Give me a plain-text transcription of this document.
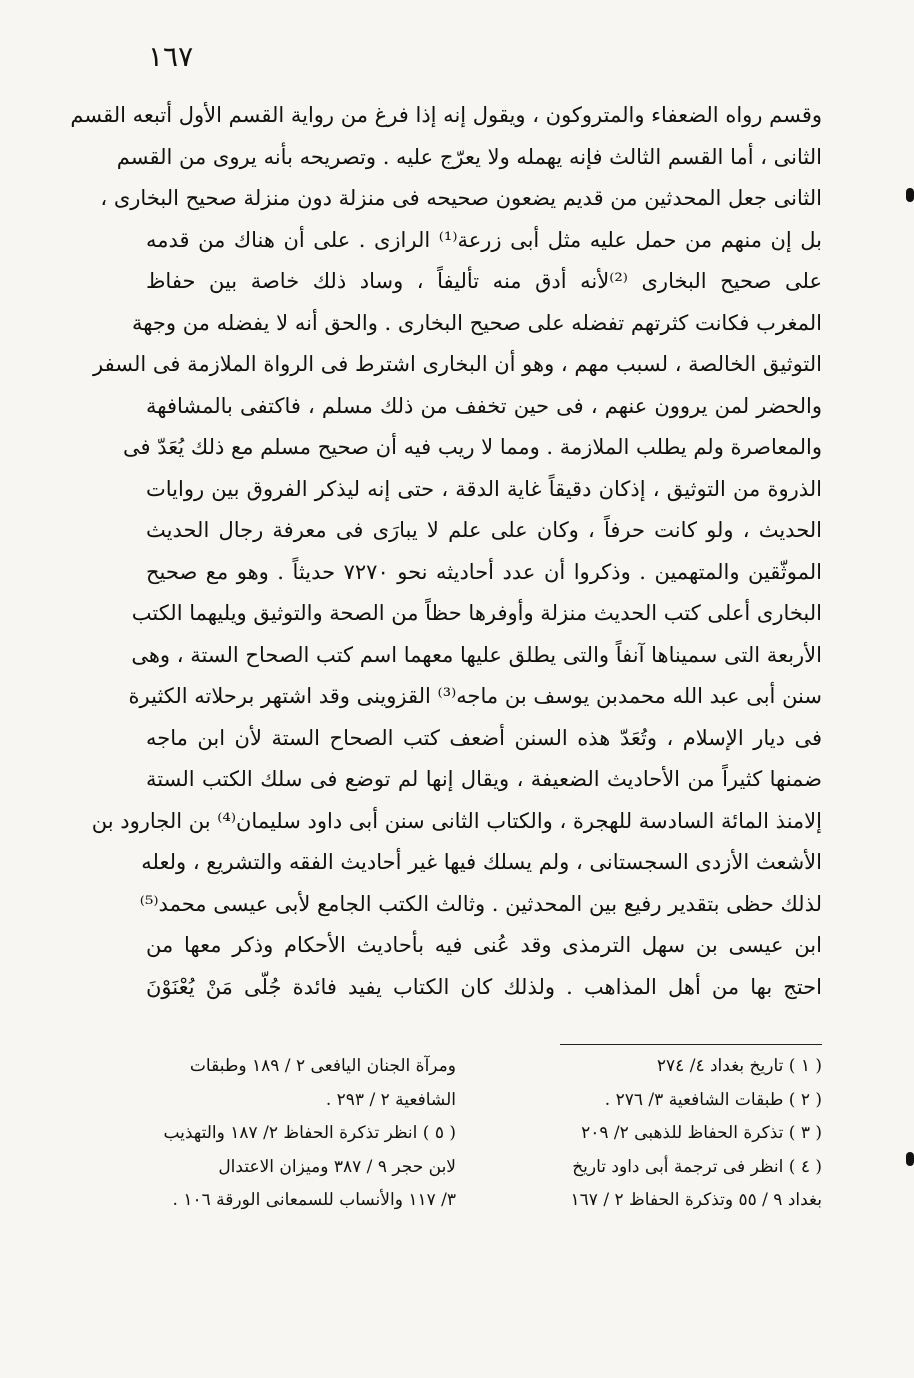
١٦٧
وقسم رواه الضعفاء والمتروكون ، ويقول إنه إذا فرغ من رواية القسم الأول أتبعه القسم
الثانى ، أما القسم الثالث فإنه يهمله ولا يعرّج عليه . وتصريحه بأنه يروى من القسم
الثانى جعل المحدثين من قديم يضعون صحيحه فى منزلة دون منزلة صحيح البخارى ،
بل إن منهم من حمل عليه مثل أبى زرعة⁽¹⁾ الرازى . على أن هناك من قدمه
على صحيح البخارى ⁽²⁾لأنه أدق منه تأليفاً ، وساد ذلك خاصة بين حفاظ
المغرب فكانت كثرتهم تفضله على صحيح البخارى . والحق أنه لا يفضله من وجهة
التوثيق الخالصة ، لسبب مهم ، وهو أن البخارى اشترط فى الرواة الملازمة فى السفر
والحضر لمن يروون عنهم ، فى حين تخفف من ذلك مسلم ، فاكتفى بالمشافهة
والمعاصرة ولم يطلب الملازمة . ومما لا ريب فيه أن صحيح مسلم مع ذلك يُعَدّ فى
الذروة من التوثيق ، إذكان دقيقاً غاية الدقة ، حتى إنه ليذكر الفروق بين روايات
الحديث ، ولو كانت حرفاً ، وكان على علم لا يبارَى فى معرفة رجال الحديث
الموثّقين والمتهمين . وذكروا أن عدد أحاديثه نحو ٧٢٧٠ حديثاً . وهو مع صحيح
البخارى أعلى كتب الحديث منزلة وأوفرها حظاً من الصحة والتوثيق ويليهما الكتب
الأربعة التى سميناها آنفاً والتى يطلق عليها معهما اسم كتب الصحاح الستة ، وهى
سنن أبى عبد الله محمدبن يوسف بن ماجه⁽³⁾ القزوينى وقد اشتهر برحلاته الكثيرة
فى ديار الإسلام ، وتُعَدّ هذه السنن أضعف كتب الصحاح الستة لأن ابن ماجه
ضمنها كثيراً من الأحاديث الضعيفة ، ويقال إنها لم توضع فى سلك الكتب الستة
إلامنذ المائة السادسة للهجرة ، والكتاب الثانى سنن أبى داود سليمان⁽⁴⁾ بن الجارود بن
الأشعث الأزدى السجستانى ، ولم يسلك فيها غير أحاديث الفقه والتشريع ، ولعله
لذلك حظى بتقدير رفيع بين المحدثين . وثالث الكتب الجامع لأبى عيسى محمد⁽⁵⁾
ابن عيسى بن سهل الترمذى وقد عُنى فيه بأحاديث الأحكام وذكر معها من
احتج بها من أهل المذاهب . ولذلك كان الكتاب يفيد فائدة جُلّى مَنْ يُعْنَوْنَ
( ١ ) تاريخ بغداد ٤/ ٢٧٤
( ٢ ) طبقات الشافعية ٣/ ٢٧٦ .
( ٣ ) تذكرة الحفاظ للذهبى ٢/ ٢٠٩
( ٤ ) انظر فى ترجمة أبى داود تاريخ
بغداد ٩ / ٥٥ وتذكرة الحفاظ ٢ / ١٦٧
ومرآة الجنان اليافعى ٢ / ١٨٩ وطبقات
الشافعية ٢ / ٢٩٣ .
( ٥ ) انظر تذكرة الحفاظ ٢/ ١٨٧ والتهذيب
لابن حجر ٩ / ٣٨٧ وميزان الاعتدال
٣/ ١١٧ والأنساب للسمعانى الورقة ١٠٦ .
